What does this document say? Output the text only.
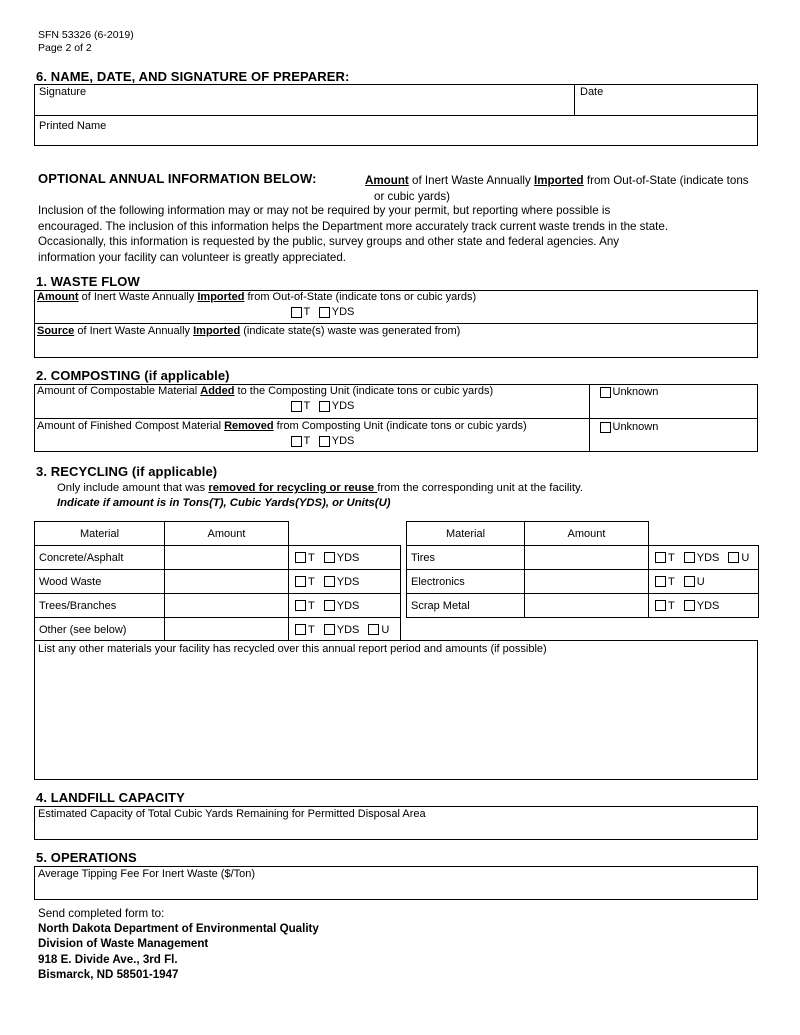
SFN 53326 (6-2019)
Page 2 of 2
6. NAME, DATE, AND SIGNATURE OF PREPARER:
Signature	Date
Printed Name
OPTIONAL ANNUAL INFORMATION BELOW:	Amount of Inert Waste Annually Imported from Out-of-State (indicate tons
or cubic yards)
Inclusion of the following information may or may not be required by your permit, but reporting where possible is
encouraged. The inclusion of this information helps the Department more accurately track current waste trends in the state.
Occasionally, this information is requested by the public, survey groups and other state and federal agencies. Any
information your facility can volunteer is greatly appreciated.
1. WASTE FLOW
Amount of Inert Waste Annually Imported from Out-of-State (indicate tons or cubic yards)
T YDS
Source of Inert Waste Annually Imported (indicate state(s) waste was generated from)
2. COMPOSTING (if applicable)
Amount of Compostable Material Added to the Composting Unit (indicate tons or cubic yards)
T YDS
Unknown
Amount of Finished Compost Material Removed from Composting Unit (indicate tons or cubic yards)
T YDS
Unknown
3. RECYCLING (if applicable)
Only include amount that was removed for recycling or reuse from the corresponding unit at the facility.
Indicate if amount is in Tons(T), Cubic Yards(YDS), or Units(U)
Material	Amount	
Concrete/Asphalt		T YDS

Wood Waste		T YDS

Trees/Branches		T YDS

Other (see below)		T YDS U
Material	Amount	
Tires		T YDS U

Electronics		T U

Scrap Metal		T YDS
List any other materials your facility has recycled over this annual report period and amounts (if possible)
4. LANDFILL CAPACITY
Estimated Capacity of Total Cubic Yards Remaining for Permitted Disposal Area
5. OPERATIONS
Average Tipping Fee For Inert Waste ($/Ton)
Send completed form to:
North Dakota Department of Environmental Quality
Division of Waste Management
918 E. Divide Ave., 3rd Fl.
Bismarck, ND 58501-1947
